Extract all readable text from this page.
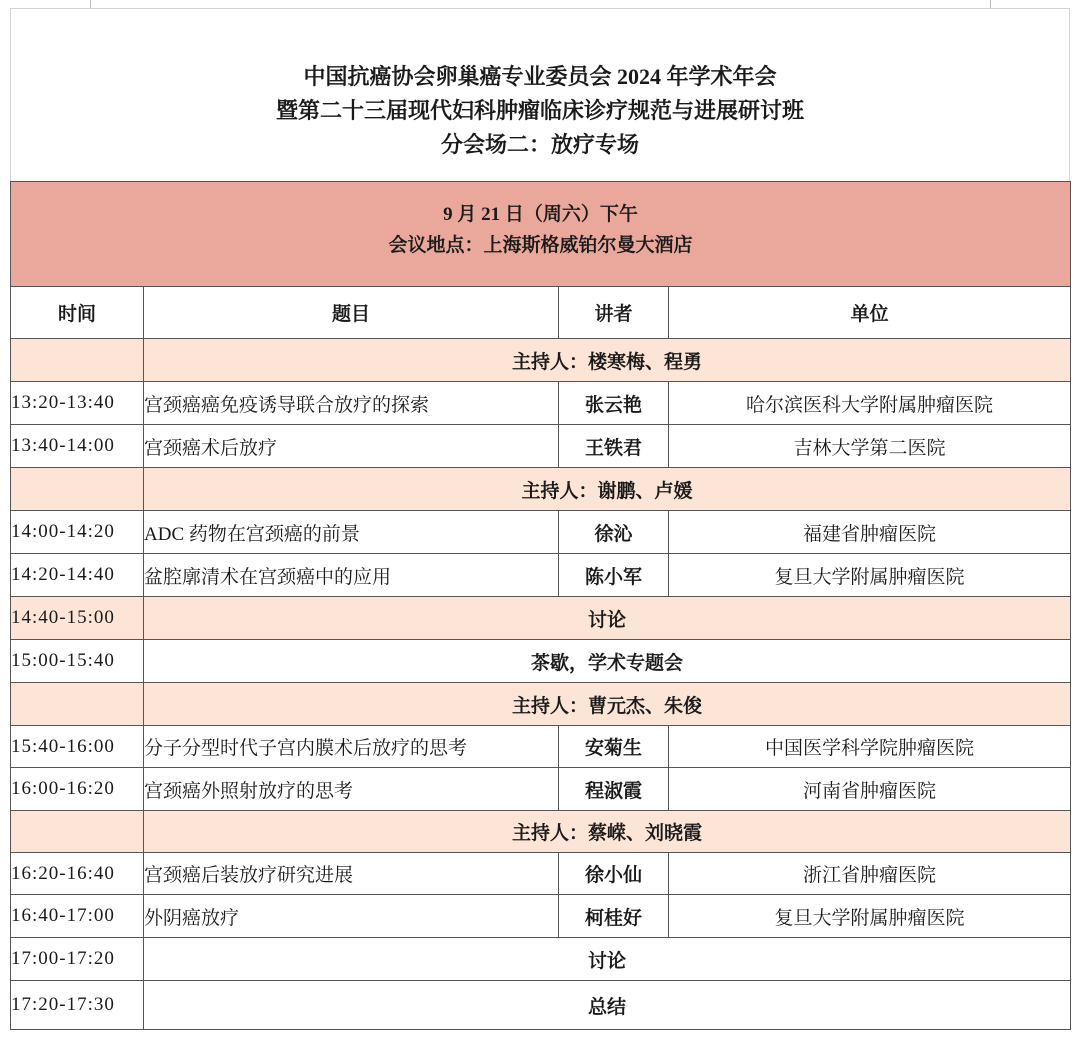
中国抗癌协会卵巢癌专业委员会 2024 年学术年会
暨第二十三届现代妇科肿瘤临床诊疗规范与进展研讨班
分会场二：放疗专场
9 月 21 日（周六）下午
会议地点：上海斯格威铂尔曼大酒店			

时间	题目	讲者	单位
	主持人：楼寒梅、程勇		
13:20-13:40	宫颈癌癌免疫诱导联合放疗的探索	张云艳	哈尔滨医科大学附属肿瘤医院
13:40-14:00	宫颈癌术后放疗	王铁君	吉林大学第二医院
	主持人：谢鹏、卢媛		
14:00-14:20	ADC 药物在宫颈癌的前景	徐沁	福建省肿瘤医院
14:20-14:40	盆腔廓清术在宫颈癌中的应用	陈小军	复旦大学附属肿瘤医院
14:40-15:00	讨论		
15:00-15:40	茶歇，学术专题会		
	主持人：曹元杰、朱俊		
15:40-16:00	分子分型时代子宫内膜术后放疗的思考	安菊生	中国医学科学院肿瘤医院
16:00-16:20	宫颈癌外照射放疗的思考	程淑霞	河南省肿瘤医院
	主持人：蔡嵘、刘晓霞		
16:20-16:40	宫颈癌后装放疗研究进展	徐小仙	浙江省肿瘤医院
16:40-17:00	外阴癌放疗	柯桂好	复旦大学附属肿瘤医院
17:00-17:20	讨论		
17:20-17:30	总结		
